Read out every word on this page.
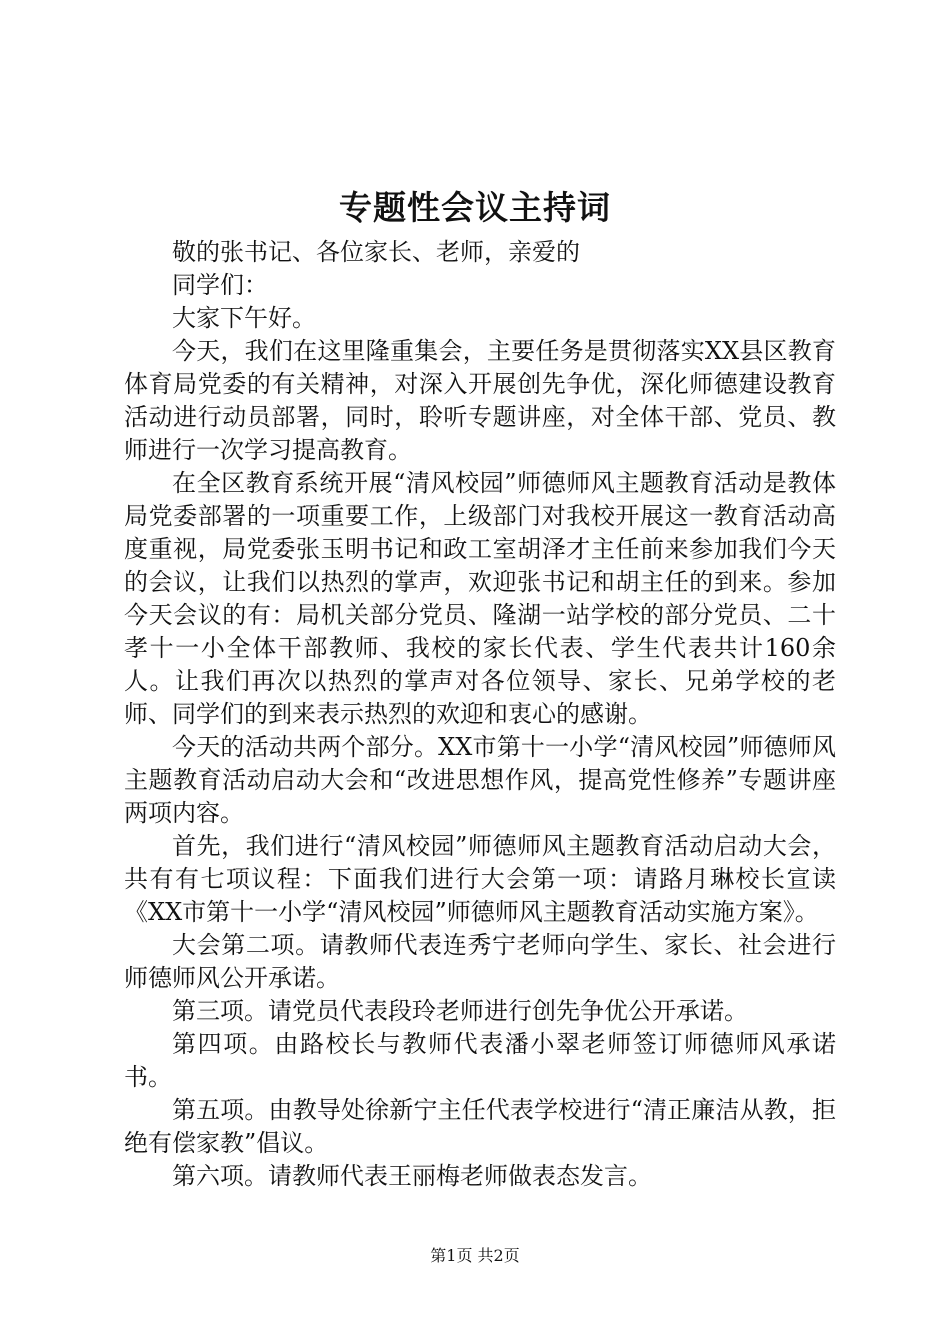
专题性会议主持词

敬的张书记、各位家长、老师，亲爱的

同学们：

大家下午好。

今天，我们在这里隆重集会，主要任务是贯彻落实XX县区教育体育局党委的有关精神，对深入开展创先争优，深化师德建设教育活动进行动员部署，同时，聆听专题讲座，对全体干部、党员、教师进行一次学习提高教育。

在全区教育系统开展“清风校园”师德师风主题教育活动是教体局党委部署的一项重要工作，上级部门对我校开展这一教育活动高度重视，局党委张玉明书记和政工室胡泽才主任前来参加我们今天的会议，让我们以热烈的掌声，欢迎张书记和胡主任的到来。参加今天会议的有：局机关部分党员、隆湖一站学校的部分党员、二十孝十一小全体干部教师、我校的家长代表、学生代表共计160余人。让我们再次以热烈的掌声对各位领导、家长、兄弟学校的老师、同学们的到来表示热烈的欢迎和衷心的感谢。

今天的活动共两个部分。XX市第十一小学“清风校园”师德师风主题教育活动启动大会和“改进思想作风，提高党性修养”专题讲座两项内容。

首先，我们进行“清风校园”师德师风主题教育活动启动大会，共有有七项议程：下面我们进行大会第一项：请路月琳校长宣读《XX市第十一小学“清风校园”师德师风主题教育活动实施方案》。

大会第二项。请教师代表连秀宁老师向学生、家长、社会进行师德师风公开承诺。

第三项。请党员代表段玲老师进行创先争优公开承诺。

第四项。由路校长与教师代表潘小翠老师签订师德师风承诺书。

第五项。由教导处徐新宁主任代表学校进行“清正廉洁从教，拒绝有偿家教”倡议。

第六项。请教师代表王丽梅老师做表态发言。

第1页 共2页
